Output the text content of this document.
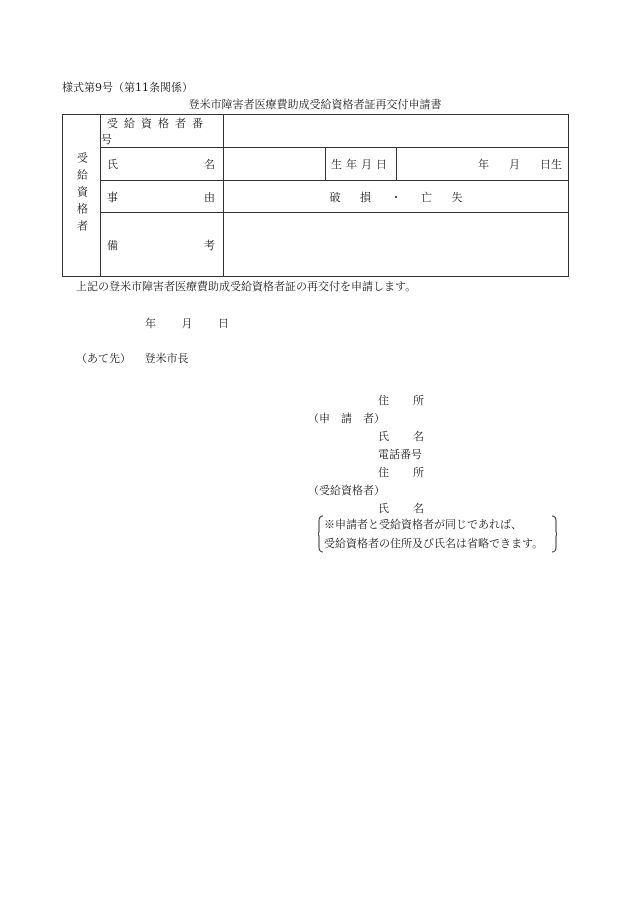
様式第9号（第11条関係）
登米市障害者医療費助成受給資格者証再交付申請書
受給資格者	受給資格者番号			

	氏 名		生年月日	年 月 日生

	事 由	破 損 ・ 亡 失		

	備 考			

上記の登米市障害者医療費助成受給資格者証の再交付を申請します。
年 月 日
（あて先） 登米市長
住 所
（申　請　者）
氏 名
電話番号
住 所
（受給資格者）
氏 名
※申請者と受給資格者が同じであれば、
受給資格者の住所及び氏名は省略できます。
